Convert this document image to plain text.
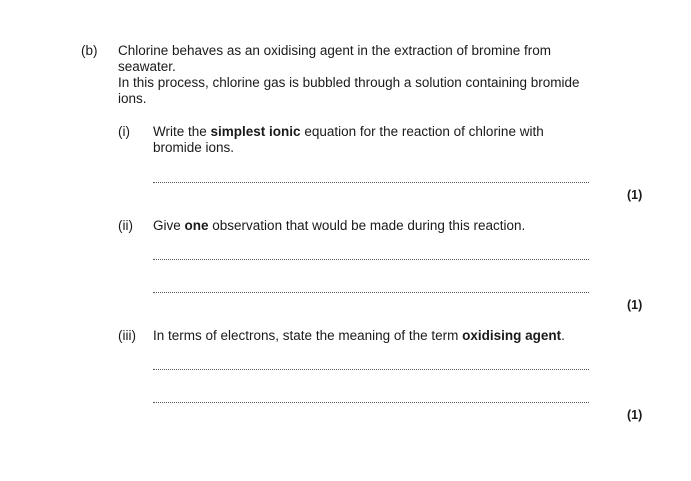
(b) Chlorine behaves as an oxidising agent in the extraction of bromine from
seawater.
In this process, chlorine gas is bubbled through a solution containing bromide
ions.
(i) Write the simplest ionic equation for the reaction of chlorine with
bromide ions.
(1)
(ii) Give one observation that would be made during this reaction.
(1)
(iii) In terms of electrons, state the meaning of the term oxidising agent.
(1)
